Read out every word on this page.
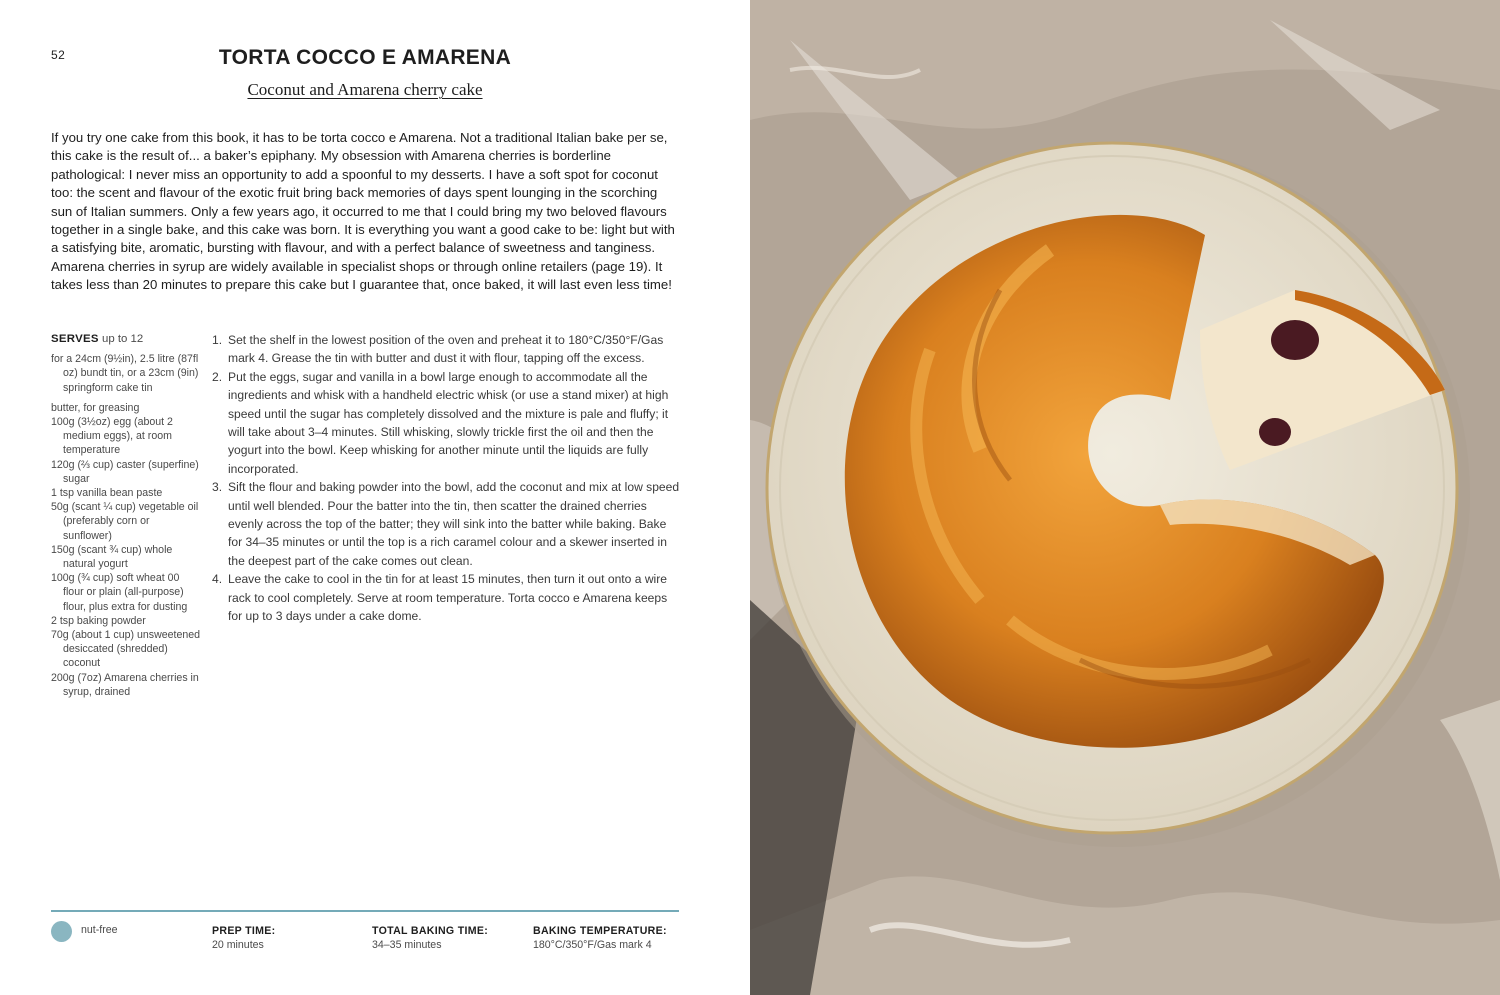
52	TORTA COCCO E AMARENA

Coconut and Amarena cherry cake

If you try one cake from this book, it has to be torta cocco e Amarena. Not a traditional Italian bake per se, this cake is the result of... a baker’s epiphany. My obsession with Amarena cherries is borderline pathological: I never miss an opportunity to add a spoonful to my desserts. I have a soft spot for coconut too: the scent and flavour of the exotic fruit bring back memories of days spent lounging in the scorching sun of Italian summers. Only a few years ago, it occurred to me that I could bring my two beloved flavours together in a single bake, and this cake was born. It is everything you want a good cake to be: light but with a satisfying bite, aromatic, bursting with flavour, and with a perfect balance of sweetness and tanginess. Amarena cherries in syrup are widely available in specialist shops or through online retailers (page 19). It takes less than 20 minutes to prepare this cake but I guarantee that, once baked, it will last even less time!

SERVES up to 12
for a 24cm (9½in), 2.5 litre (87fl oz) bundt tin, or a 23cm (9in) springform cake tin
butter, for greasing
100g (3½oz) egg (about 2 medium eggs), at room temperature
120g (⅔ cup) caster (superfine) sugar
1 tsp vanilla bean paste
50g (scant ¼ cup) vegetable oil (preferably corn or sunflower)
150g (scant ¾ cup) whole natural yogurt
100g (¾ cup) soft wheat 00 flour or plain (all-purpose) flour, plus extra for dusting
2 tsp baking powder
70g (about 1 cup) unsweetened desiccated (shredded) coconut
200g (7oz) Amarena cherries in syrup, drained
1. Set the shelf in the lowest position of the oven and preheat it to 180°C/350°F/Gas mark 4. Grease the tin with butter and dust it with flour, tapping off the excess.
2. Put the eggs, sugar and vanilla in a bowl large enough to accommodate all the ingredients and whisk with a handheld electric whisk (or use a stand mixer) at high speed until the sugar has completely dissolved and the mixture is pale and fluffy; it will take about 3–4 minutes. Still whisking, slowly trickle first the oil and then the yogurt into the bowl. Keep whisking for another minute until the liquids are fully incorporated.
3. Sift the flour and baking powder into the bowl, add the coconut and mix at low speed until well blended. Pour the batter into the tin, then scatter the drained cherries evenly across the top of the batter; they will sink into the batter while baking. Bake for 34–35 minutes or until the top is a rich caramel colour and a skewer inserted in the deepest part of the cake comes out clean.
4. Leave the cake to cool in the tin for at least 15 minutes, then turn it out onto a wire rack to cool completely. Serve at room temperature. Torta cocco e Amarena keeps for up to 3 days under a cake dome.
nut-free	PREP TIME:
20 minutes
TOTAL BAKING TIME:
34–35 minutes
BAKING TEMPERATURE:
180°C/350°F/Gas mark 4
